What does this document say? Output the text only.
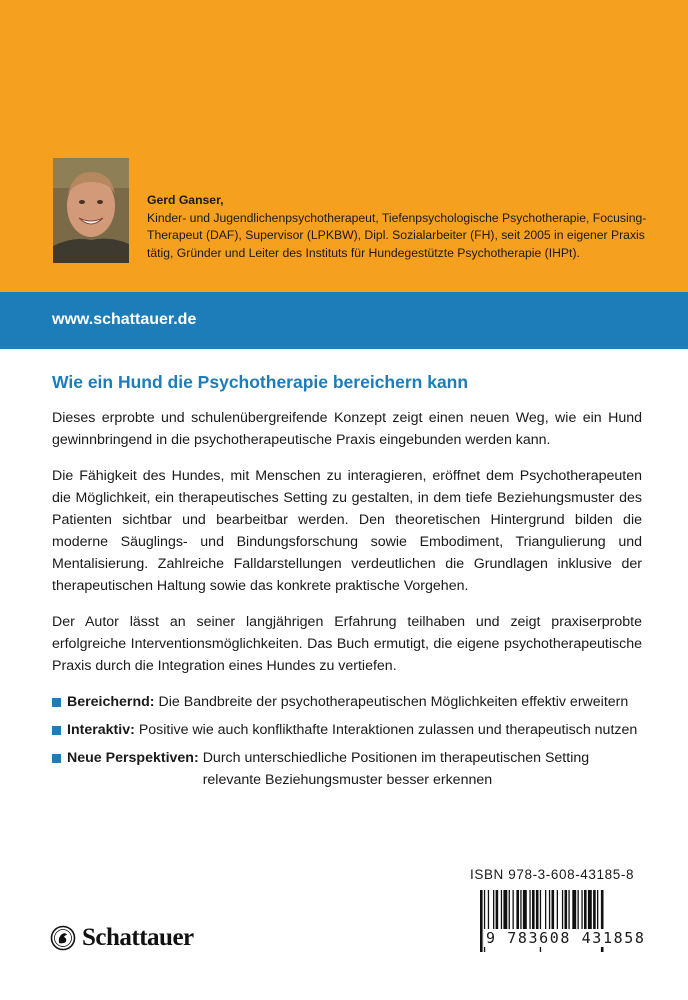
Gerd Ganser,
Kinder- und Jugendlichenpsychotherapeut, Tiefenpsychologische Psychotherapie, Focusing-
Therapeut (DAF), Supervisor (LPKBW), Dipl. Sozialarbeiter (FH), seit 2005 in eigener Praxis
tätig, Gründer und Leiter des Instituts für Hundegestützte Psychotherapie (IHPt).
www.schattauer.de
Wie ein Hund die Psychotherapie bereichern kann

Dieses erprobte und schulenübergreifende Konzept zeigt einen neuen Weg, wie ein Hund gewinnbringend in die psychotherapeutische Praxis eingebunden werden kann.

Die Fähigkeit des Hundes, mit Menschen zu interagieren, eröffnet dem Psychotherapeuten die Möglichkeit, ein therapeutisches Setting zu gestalten, in dem tiefe Beziehungsmuster des Patienten sichtbar und bearbeitbar werden. Den theoretischen Hintergrund bilden die moderne Säuglings- und Bindungsforschung sowie Embodiment, Triangulierung und Mentalisierung. Zahlreiche Falldarstellungen verdeutlichen die Grundlagen inklusive der therapeutischen Haltung sowie das konkrete praktische Vorgehen.

Der Autor lässt an seiner langjährigen Erfahrung teilhaben und zeigt praxiserprobte erfolgreiche Interventionsmöglichkeiten. Das Buch ermutigt, die eigene psychotherapeutische Praxis durch die Integration eines Hundes zu vertiefen.

Bereichernd: Die Bandbreite der psychotherapeutischen Möglichkeiten effektiv erweitern
Interaktiv: Positive wie auch konflikthafte Interaktionen zulassen und therapeutisch nutzen
Neue Perspektiven: Durch unterschiedliche Positionen im therapeutischen Setting relevante Beziehungsmuster besser erkennen
ISBN 978-3-608-43185-8
9 783608 431858
Schattauer
